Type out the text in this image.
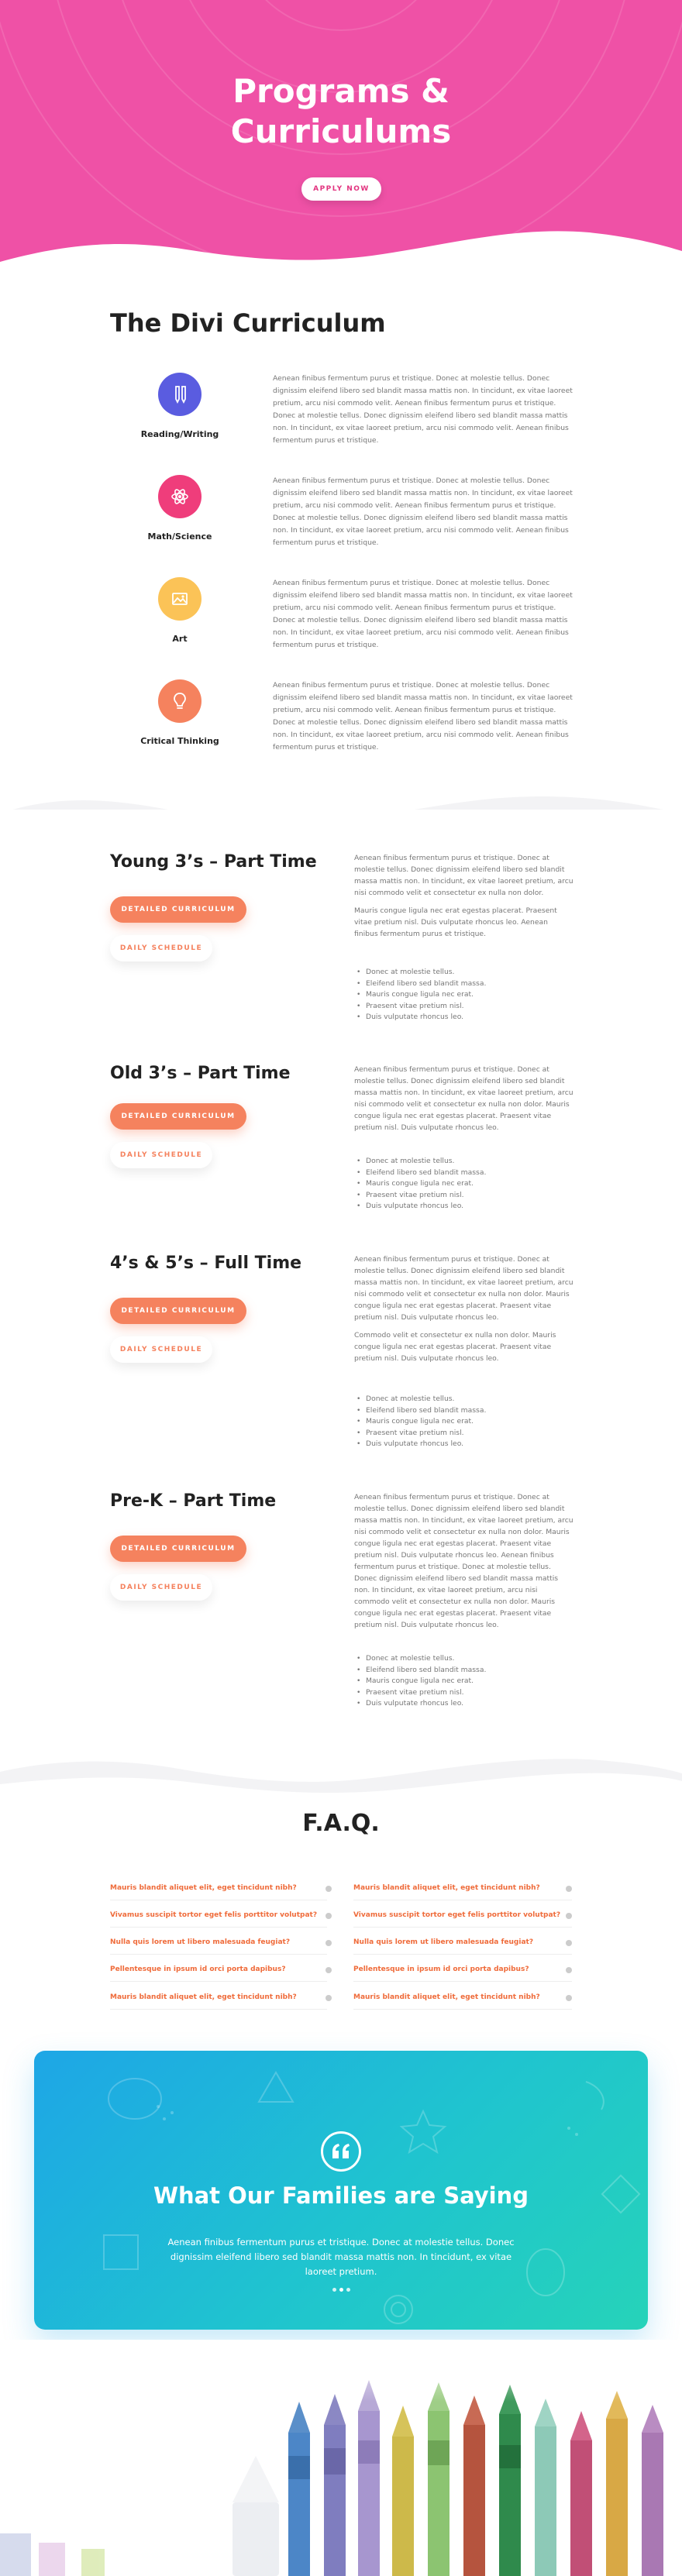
Programs &
Curriculums
APPLY NOW
The Divi Curriculum
Reading/Writing
Aenean finibus fermentum purus et tristique. Donec at molestie tellus. Donec dignissim eleifend libero sed blandit massa mattis non. In tincidunt, ex vitae laoreet pretium, arcu nisi commodo velit. Aenean finibus fermentum purus et tristique. Donec at molestie tellus. Donec dignissim eleifend libero sed blandit massa mattis non. In tincidunt, ex vitae laoreet pretium, arcu nisi commodo velit. Aenean finibus fermentum purus et tristique.
Math/Science
Aenean finibus fermentum purus et tristique. Donec at molestie tellus. Donec dignissim eleifend libero sed blandit massa mattis non. In tincidunt, ex vitae laoreet pretium, arcu nisi commodo velit. Aenean finibus fermentum purus et tristique. Donec at molestie tellus. Donec dignissim eleifend libero sed blandit massa mattis non. In tincidunt, ex vitae laoreet pretium, arcu nisi commodo velit. Aenean finibus fermentum purus et tristique.
Art
Aenean finibus fermentum purus et tristique. Donec at molestie tellus. Donec dignissim eleifend libero sed blandit massa mattis non. In tincidunt, ex vitae laoreet pretium, arcu nisi commodo velit. Aenean finibus fermentum purus et tristique. Donec at molestie tellus. Donec dignissim eleifend libero sed blandit massa mattis non. In tincidunt, ex vitae laoreet pretium, arcu nisi commodo velit. Aenean finibus fermentum purus et tristique.
Critical Thinking
Aenean finibus fermentum purus et tristique. Donec at molestie tellus. Donec dignissim eleifend libero sed blandit massa mattis non. In tincidunt, ex vitae laoreet pretium, arcu nisi commodo velit. Aenean finibus fermentum purus et tristique. Donec at molestie tellus. Donec dignissim eleifend libero sed blandit massa mattis non. In tincidunt, ex vitae laoreet pretium, arcu nisi commodo velit. Aenean finibus fermentum purus et tristique.
Young 3’s – Part Time
DETAILED CURRICULUM
DAILY SCHEDULE

Aenean finibus fermentum purus et tristique. Donec at molestie tellus. Donec dignissim eleifend libero sed blandit massa mattis non. In tincidunt, ex vitae laoreet pretium, arcu nisi commodo velit et consectetur ex nulla non dolor.

Mauris congue ligula nec erat egestas placerat. Praesent vitae pretium nisl. Duis vulputate rhoncus leo. Aenean finibus fermentum purus et tristique.

• Donec at molestie tellus.
• Eleifend libero sed blandit massa.
• Mauris congue ligula nec erat.
• Praesent vitae pretium nisl.
• Duis vulputate rhoncus leo.
Old 3’s – Part Time
DETAILED CURRICULUM
DAILY SCHEDULE

Aenean finibus fermentum purus et tristique. Donec at molestie tellus. Donec dignissim eleifend libero sed blandit massa mattis non. In tincidunt, ex vitae laoreet pretium, arcu nisi commodo velit et consectetur ex nulla non dolor. Mauris congue ligula nec erat egestas placerat. Praesent vitae pretium nisl. Duis vulputate rhoncus leo.

• Donec at molestie tellus.
• Eleifend libero sed blandit massa.
• Mauris congue ligula nec erat.
• Praesent vitae pretium nisl.
• Duis vulputate rhoncus leo.
4’s & 5’s – Full Time
DETAILED CURRICULUM
DAILY SCHEDULE

Aenean finibus fermentum purus et tristique. Donec at molestie tellus. Donec dignissim eleifend libero sed blandit massa mattis non. In tincidunt, ex vitae laoreet pretium, arcu nisi commodo velit et consectetur ex nulla non dolor. Mauris congue ligula nec erat egestas placerat. Praesent vitae pretium nisl. Duis vulputate rhoncus leo.

Commodo velit et consectetur ex nulla non dolor. Mauris congue ligula nec erat egestas placerat. Praesent vitae pretium nisl. Duis vulputate rhoncus leo.

• Donec at molestie tellus.
• Eleifend libero sed blandit massa.
• Mauris congue ligula nec erat.
• Praesent vitae pretium nisl.
• Duis vulputate rhoncus leo.
Pre-K – Part Time
DETAILED CURRICULUM
DAILY SCHEDULE

Aenean finibus fermentum purus et tristique. Donec at molestie tellus. Donec dignissim eleifend libero sed blandit massa mattis non. In tincidunt, ex vitae laoreet pretium, arcu nisi commodo velit et consectetur ex nulla non dolor. Mauris congue ligula nec erat egestas placerat. Praesent vitae pretium nisl. Duis vulputate rhoncus leo. Aenean finibus fermentum purus et tristique. Donec at molestie tellus. Donec dignissim eleifend libero sed blandit massa mattis non. In tincidunt, ex vitae laoreet pretium, arcu nisi commodo velit et consectetur ex nulla non dolor. Mauris congue ligula nec erat egestas placerat. Praesent vitae pretium nisl. Duis vulputate rhoncus leo.

• Donec at molestie tellus.
• Eleifend libero sed blandit massa.
• Mauris congue ligula nec erat.
• Praesent vitae pretium nisl.
• Duis vulputate rhoncus leo.
F.A.Q.
What Our Families are Saying
Aenean finibus fermentum purus et tristique. Donec at molestie tellus. Donec dignissim eleifend libero sed blandit massa mattis non. In tincidunt, ex vitae laoreet pretium.
Mauris blandit aliquet elit, eget tincidunt nibh?
Vivamus suscipit tortor eget felis porttitor volutpat?
Nulla quis lorem ut libero malesuada feugiat?
Pellentesque in ipsum id orci porta dapibus?
Mauris blandit aliquet elit, eget tincidunt nibh?
Mauris blandit aliquet elit, eget tincidunt nibh?
Vivamus suscipit tortor eget felis porttitor volutpat?
Nulla quis lorem ut libero malesuada feugiat?
Pellentesque in ipsum id orci porta dapibus?
Mauris blandit aliquet elit, eget tincidunt nibh?
